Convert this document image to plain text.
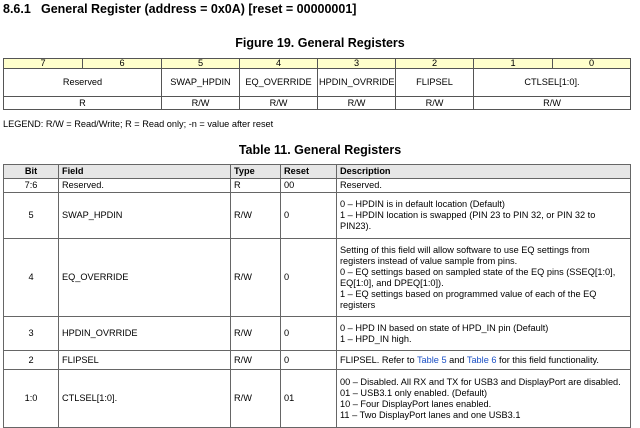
8.6.1 General Register (address = 0x0A) [reset = 00000001]
Figure 19. General Registers
7	6	5	4	3	2	1	0
Reserved		SWAP_HPDIN	EQ_OVERRIDE	HPDIN_OVRRIDE	FLIPSEL	CTLSEL[1:0].	
R		R/W	R/W	R/W	R/W	R/W	
LEGEND: R/W = Read/Write; R = Read only; -n = value after reset
Table 11. General Registers
Bit	Field	Type	Reset	Description
7:6	Reserved.	R	00	Reserved.

5	SWAP_HPDIN	R/W	0	0 – HPDIN is in default location (Default)
1 – HPDIN location is swapped (PIN 23 to PIN 32, or PIN 32 to PIN23).

4	EQ_OVERRIDE	R/W	0	Setting of this field will allow software to use EQ settings from registers instead of value sample from pins.
0 – EQ settings based on sampled state of the EQ pins (SSEQ[1:0], EQ[1:0], and DPEQ[1:0]).
1 – EQ settings based on programmed value of each of the EQ registers

3	HPDIN_OVRRIDE	R/W	0	0 – HPD IN based on state of HPD_IN pin (Default)
1 – HPD_IN high.

2	FLIPSEL	R/W	0	FLIPSEL. Refer to Table 5 and Table 6 for this field functionality.
1:0	CTLSEL[1:0].	R/W	01	00 – Disabled. All RX and TX for USB3 and DisplayPort are disabled.
01 – USB3.1 only enabled. (Default)
10 – Four DisplayPort lanes enabled.
11 – Two DisplayPort lanes and one USB3.1
